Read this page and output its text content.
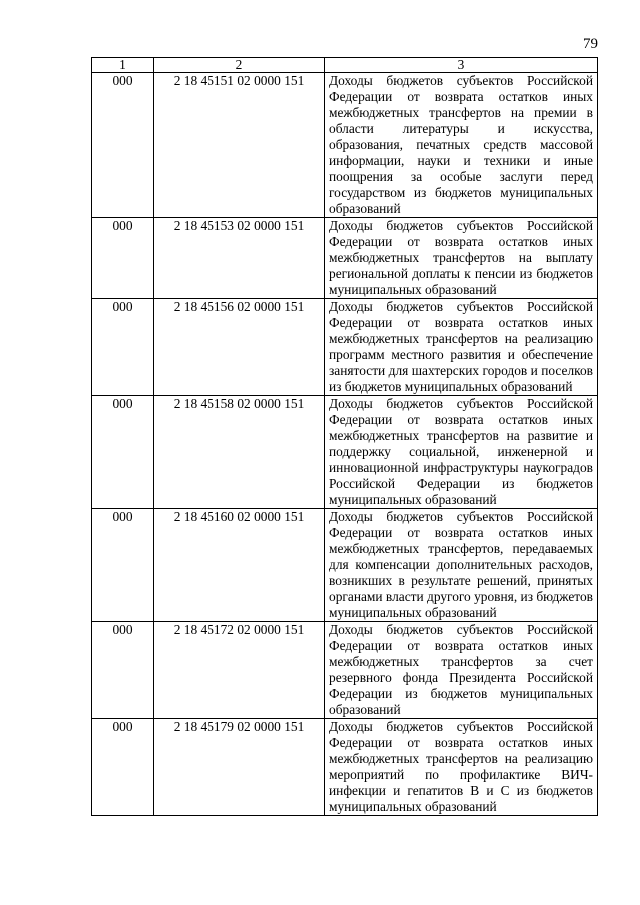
79
1	2	3
000	2 18 45151 02 0000 151	Доходы бюджетов субъектов Российской Федерации от возврата остатков иных межбюджетных трансфертов на премии в области литературы и искусства, образования, печатных средств массовой информации, науки и техники и иные поощрения за особые заслуги перед государством из бюджетов муниципальных образований
000	2 18 45153 02 0000 151	Доходы бюджетов субъектов Российской Федерации от возврата остатков иных межбюджетных трансфертов на выплату региональной доплаты к пенсии из бюджетов муниципальных образований
000	2 18 45156 02 0000 151	Доходы бюджетов субъектов Российской Федерации от возврата остатков иных межбюджетных трансфертов на реализацию программ местного развития и обеспечение занятости для шахтерских городов и поселков из бюджетов муниципальных образований
000	2 18 45158 02 0000 151	Доходы бюджетов субъектов Российской Федерации от возврата остатков иных межбюджетных трансфертов на развитие и поддержку социальной, инженерной и инновационной инфраструктуры наукоградов Российской Федерации из бюджетов муниципальных образований
000	2 18 45160 02 0000 151	Доходы бюджетов субъектов Российской Федерации от возврата остатков иных межбюджетных трансфертов, передаваемых для компенсации дополнительных расходов, возникших в результате решений, принятых органами власти другого уровня, из бюджетов муниципальных образований
000	2 18 45172 02 0000 151	Доходы бюджетов субъектов Российской Федерации от возврата остатков иных межбюджетных трансфертов за счет резервного фонда Президента Российской Федерации из бюджетов муниципальных образований
000	2 18 45179 02 0000 151	Доходы бюджетов субъектов Российской Федерации от возврата остатков иных межбюджетных трансфертов на реализацию мероприятий по профилактике ВИЧ-инфекции и гепатитов В и С из бюджетов муниципальных образований
